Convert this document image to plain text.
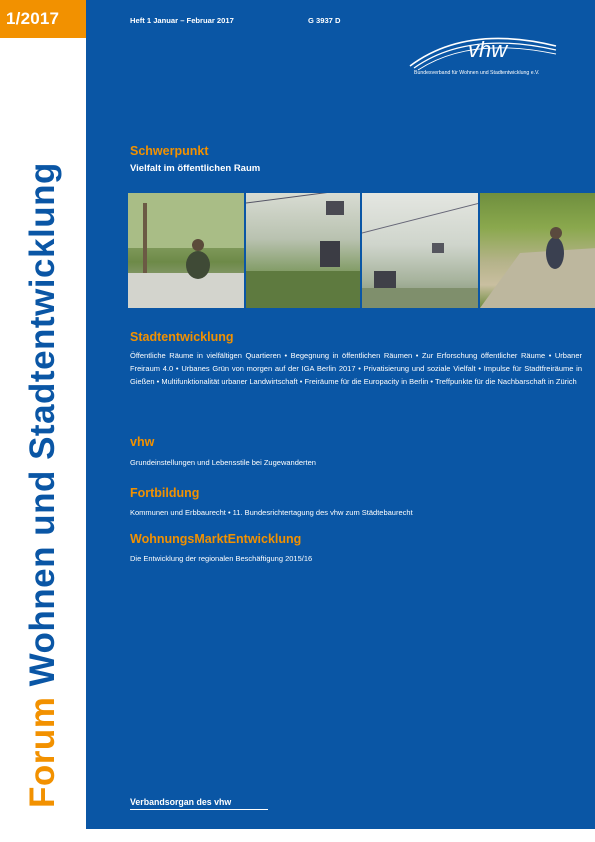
1/2017
Forum Wohnen und Stadtentwicklung
Heft 1 Januar – Februar 2017	G 3937 D
vhw
Bundesverband für Wohnen und Stadtentwicklung e.V.
Schwerpunkt
Vielfalt im öffentlichen Raum
Stadtentwicklung
Öffentliche Räume in vielfältigen Quartieren • Begegnung in öffentlichen Räumen • Zur Erforschung öffentlicher Räume • Urbaner Freiraum 4.0 • Urbanes Grün von morgen auf der IGA Berlin 2017 • Privatisierung und soziale Vielfalt • Impulse für Stadtfreiräume in Gießen • Multifunktionalität urbaner Landwirtschaft • Freiräume für die Europacity in Berlin • Treffpunkte für die Nachbarschaft in Zürich
vhw
Grundeinstellungen und Lebensstile bei Zugewanderten
Fortbildung
Kommunen und Erbbaurecht • 11. Bundesrichtertagung des vhw zum Städtebaurecht
WohnungsMarktEntwicklung
Die Entwicklung der regionalen Beschäftigung 2015/16
Verbandsorgan des vhw
